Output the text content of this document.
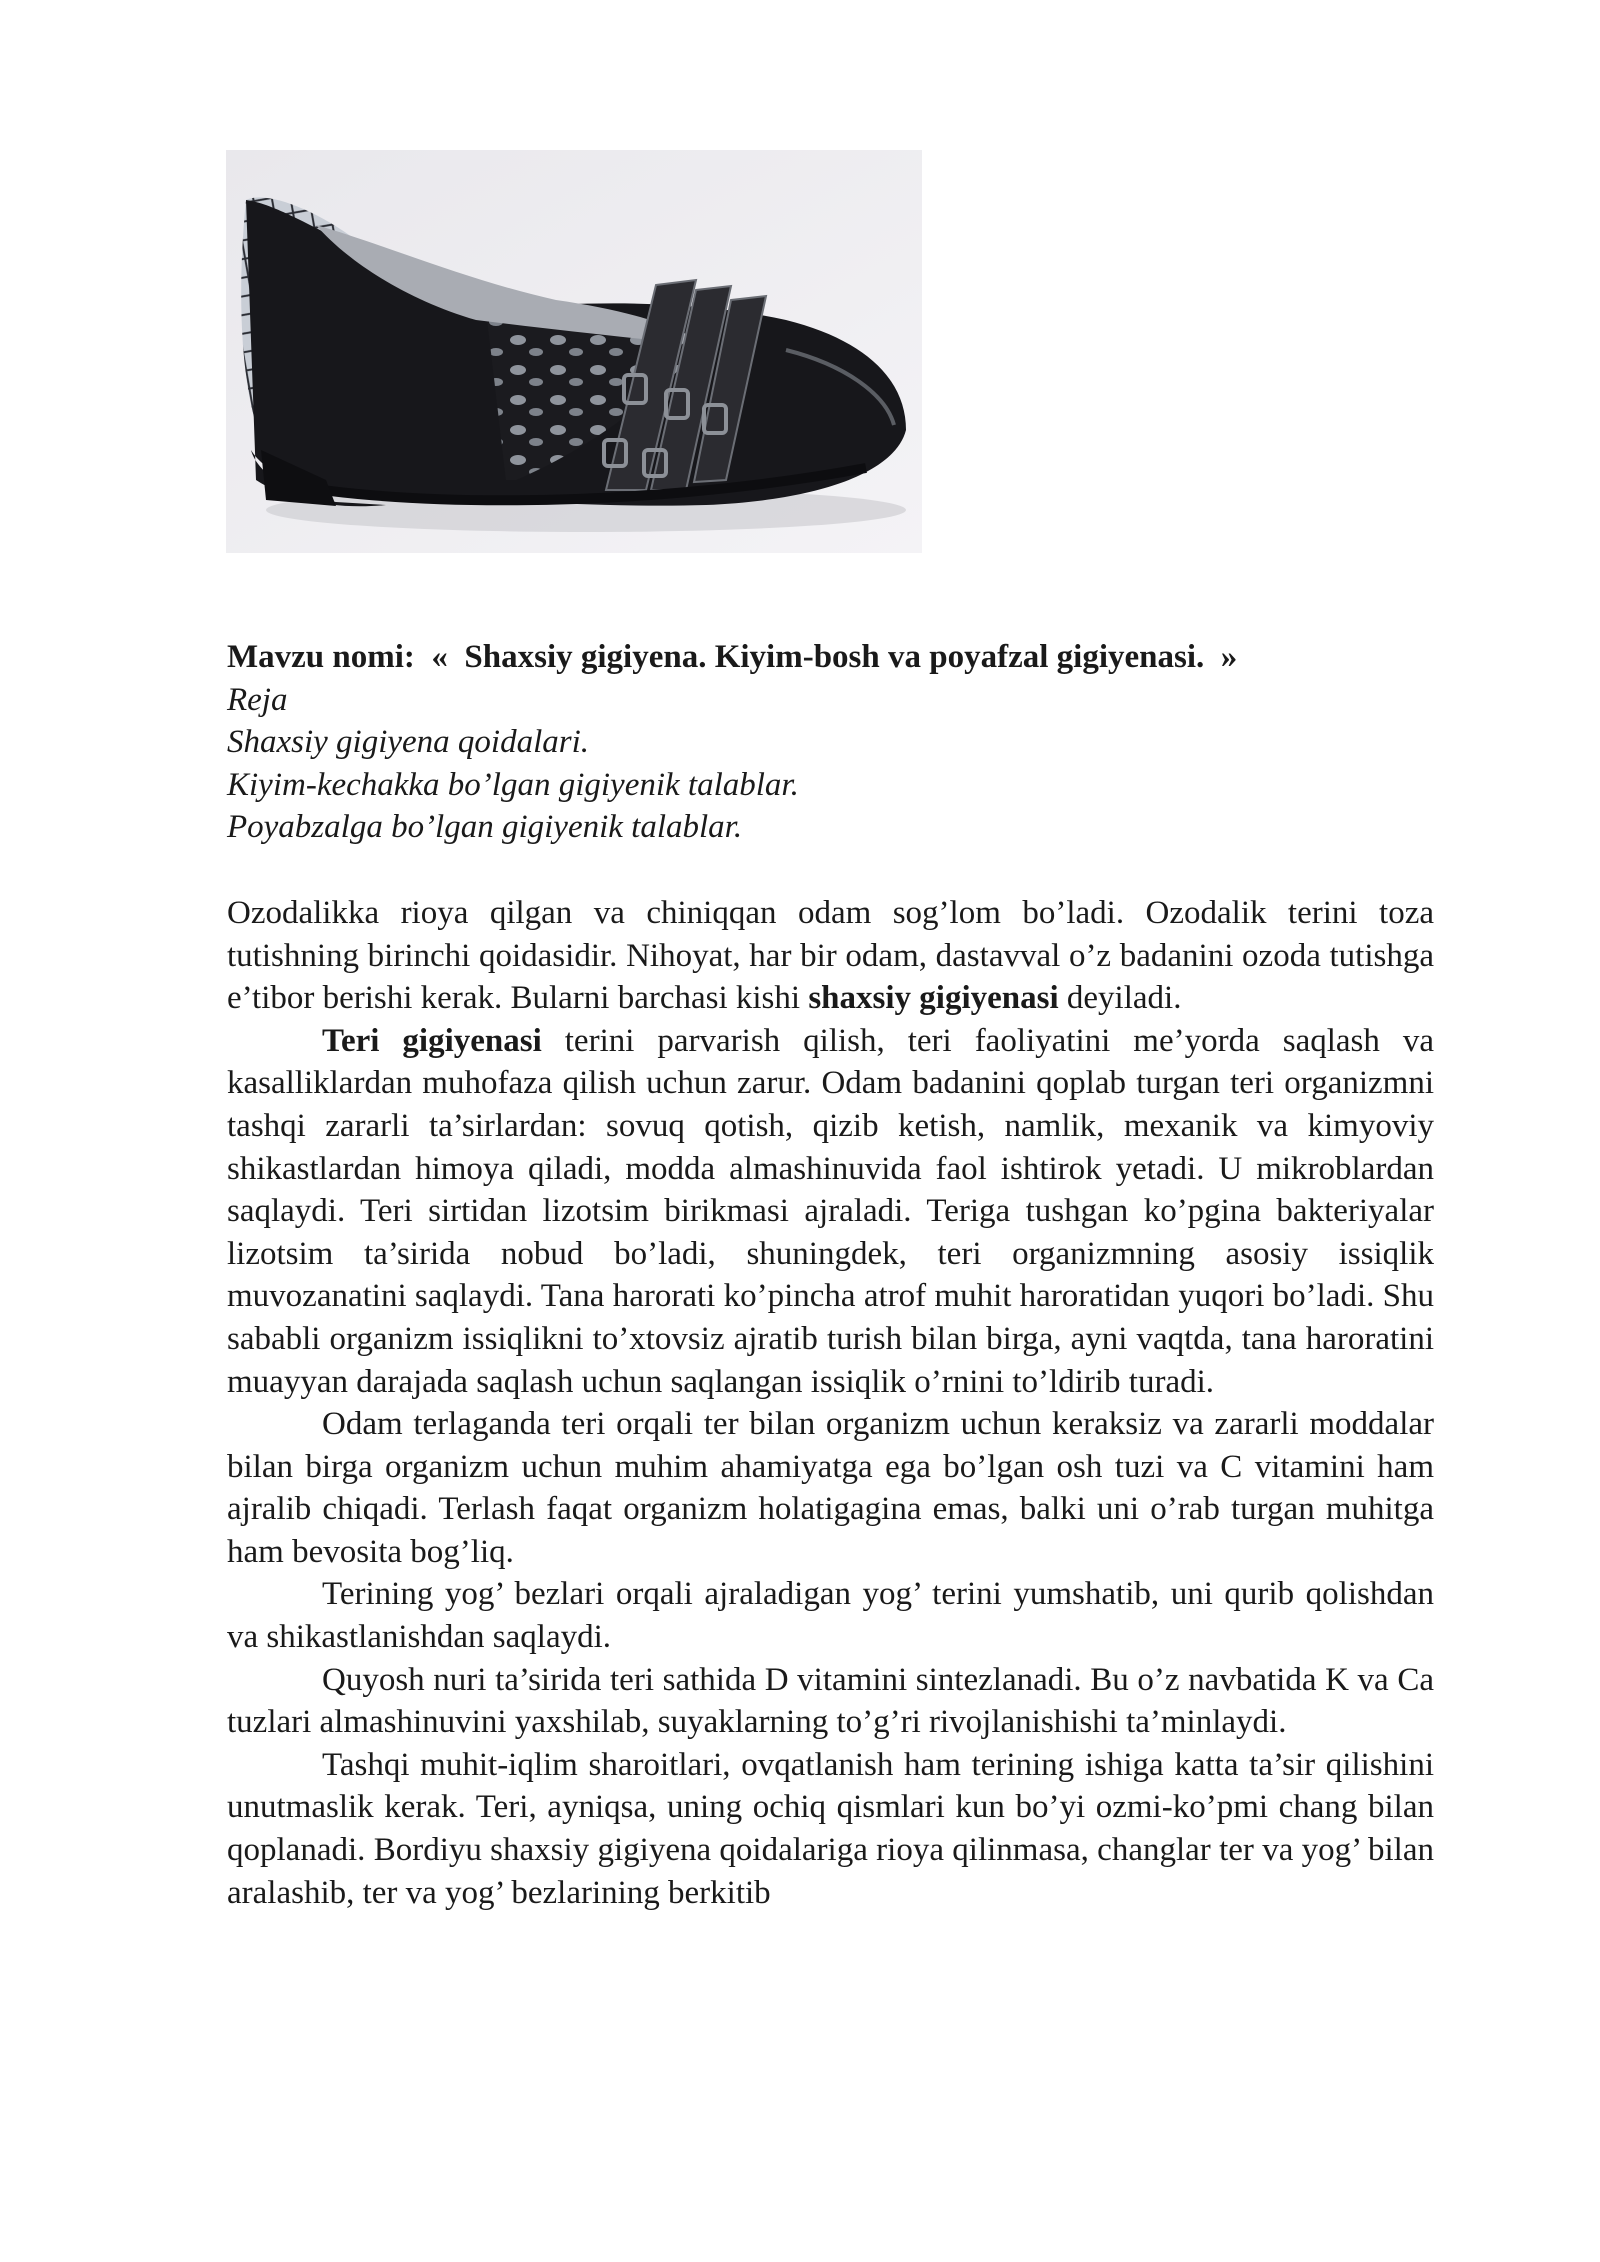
Mavzu nomi: « Shaxsiy gigiyena. Kiyim-bosh va poyafzal gigiyenasi. »
Reja
Shaxsiy gigiyena qoidalari.
Kiyim-kechakka bo’lgan gigiyenik talablar.
Poyabzalga bo’lgan gigiyenik talablar.

Ozodalikka rioya qilgan va chiniqqan odam sog’lom bo’ladi. Ozodalik terini toza tutishning birinchi qoidasidir. Nihoyat, har bir odam, dastavval o’z badanini ozoda tutishga e’tibor berishi kerak. Bularni barchasi kishi shaxsiy gigiyenasi deyiladi.

Teri gigiyenasi terini parvarish qilish, teri faoliyatini me’yorda saqlash va kasalliklardan muhofaza qilish uchun zarur. Odam badanini qoplab turgan teri organizmni tashqi zararli ta’sirlardan: sovuq qotish, qizib ketish, namlik, mexanik va kimyoviy shikastlardan himoya qiladi, modda almashinuvida faol ishtirok yetadi. U mikroblardan saqlaydi. Teri sirtidan lizotsim birikmasi ajraladi. Teriga tushgan ko’pgina bakteriyalar lizotsim ta’sirida nobud bo’ladi, shuningdek, teri organizmning asosiy issiqlik muvozanatini saqlaydi. Tana harorati ko’pincha atrof muhit haroratidan yuqori bo’ladi. Shu sababli organizm issiqlikni to’xtovsiz ajratib turish bilan birga, ayni vaqtda, tana haroratini muayyan darajada saqlash uchun saqlangan issiqlik o’rnini to’ldirib turadi.

Odam terlaganda teri orqali ter bilan organizm uchun keraksiz va zararli moddalar bilan birga organizm uchun muhim ahamiyatga ega bo’lgan osh tuzi va C vitamini ham ajralib chiqadi. Terlash faqat organizm holatigagina emas, balki uni o’rab turgan muhitga ham bevosita bog’liq.

Terining yog’ bezlari orqali ajraladigan yog’ terini yumshatib, uni qurib qolishdan va shikastlanishdan saqlaydi.

Quyosh nuri ta’sirida teri sathida D vitamini sintezlanadi. Bu o’z navbatida K va Ca tuzlari almashinuvini yaxshilab, suyaklarning to’g’ri rivojlanishishi ta’minlaydi.

Tashqi muhit-iqlim sharoitlari, ovqatlanish ham terining ishiga katta ta’sir qilishini unutmaslik kerak. Teri, ayniqsa, uning ochiq qismlari kun bo’yi ozmi-ko’pmi chang bilan qoplanadi. Bordiyu shaxsiy gigiyena qoidalariga rioya qilinmasa, changlar ter va yog’ bilan aralashib, ter va yog’ bezlarining berkitib
